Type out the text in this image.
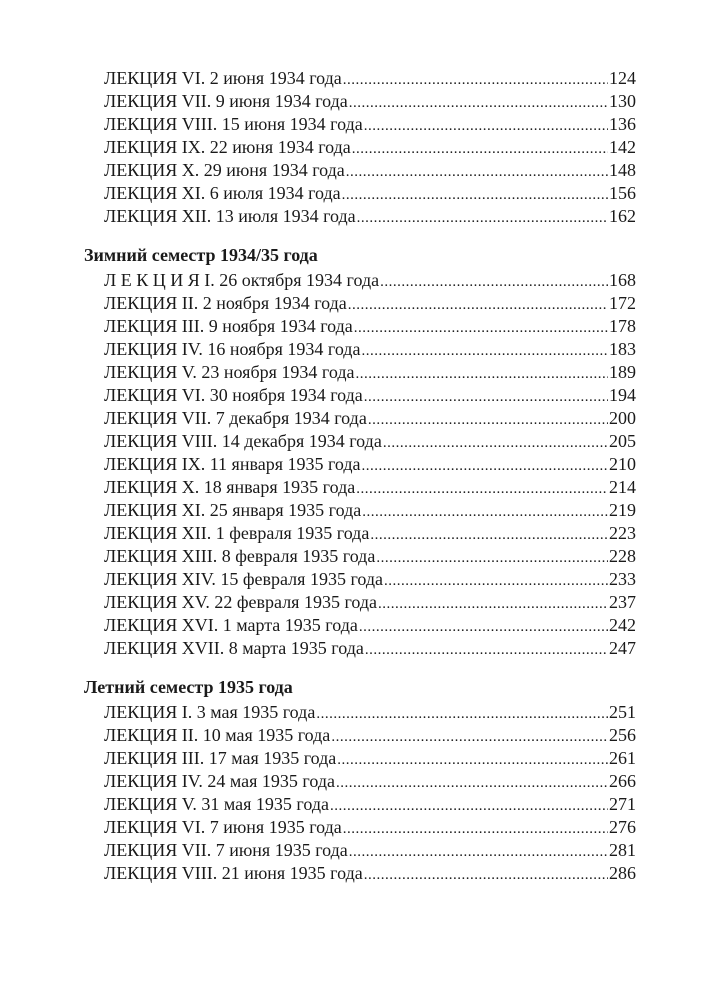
ЛЕКЦИЯ VI. 2 июня 1934 года .....	124
ЛЕКЦИЯ VII. 9 июня 1934 года .....	130
ЛЕКЦИЯ VIII. 15 июня 1934 года .....	136
ЛЕКЦИЯ IX. 22 июня 1934 года .....	142
ЛЕКЦИЯ X. 29 июня 1934 года .....	148
ЛЕКЦИЯ XI. 6 июля 1934 года .....	156
ЛЕКЦИЯ XII. 13 июля 1934 года .....	162
Зимний семестр 1934/35 года
Л Е К Ц И Я I. 26 октября 1934 года .....	168
ЛЕКЦИЯ II. 2 ноября 1934 года .....	172
ЛЕКЦИЯ III. 9 ноября 1934 года .....	178
ЛЕКЦИЯ IV. 16 ноября 1934 года .....	183
ЛЕКЦИЯ V. 23 ноября 1934 года .....	189
ЛЕКЦИЯ VI. 30 ноября 1934 года .....	194
ЛЕКЦИЯ VII. 7 декабря 1934 года .....	200
ЛЕКЦИЯ VIII. 14 декабря 1934 года .....	205
ЛЕКЦИЯ IX. 11 января 1935 года .....	210
ЛЕКЦИЯ X. 18 января 1935 года .....	214
ЛЕКЦИЯ XI. 25 января 1935 года .....	219
ЛЕКЦИЯ XII. 1 февраля 1935 года .....	223
ЛЕКЦИЯ XIII. 8 февраля 1935 года .....	228
ЛЕКЦИЯ XIV. 15 февраля 1935 года .....	233
ЛЕКЦИЯ XV. 22 февраля 1935 года .....	237
ЛЕКЦИЯ XVI. 1 марта 1935 года .....	242
ЛЕКЦИЯ XVII. 8 марта 1935 года .....	247
Летний семестр 1935 года
ЛЕКЦИЯ I. 3 мая 1935 года .....	251
ЛЕКЦИЯ II. 10 мая 1935 года .....	256
ЛЕКЦИЯ III. 17 мая 1935 года .....	261
ЛЕКЦИЯ IV. 24 мая 1935 года .....	266
ЛЕКЦИЯ V. 31 мая 1935 года .....	271
ЛЕКЦИЯ VI. 7 июня 1935 года .....	276
ЛЕКЦИЯ VII. 7 июня 1935 года .....	281
ЛЕКЦИЯ VIII. 21 июня 1935 года .....	286
